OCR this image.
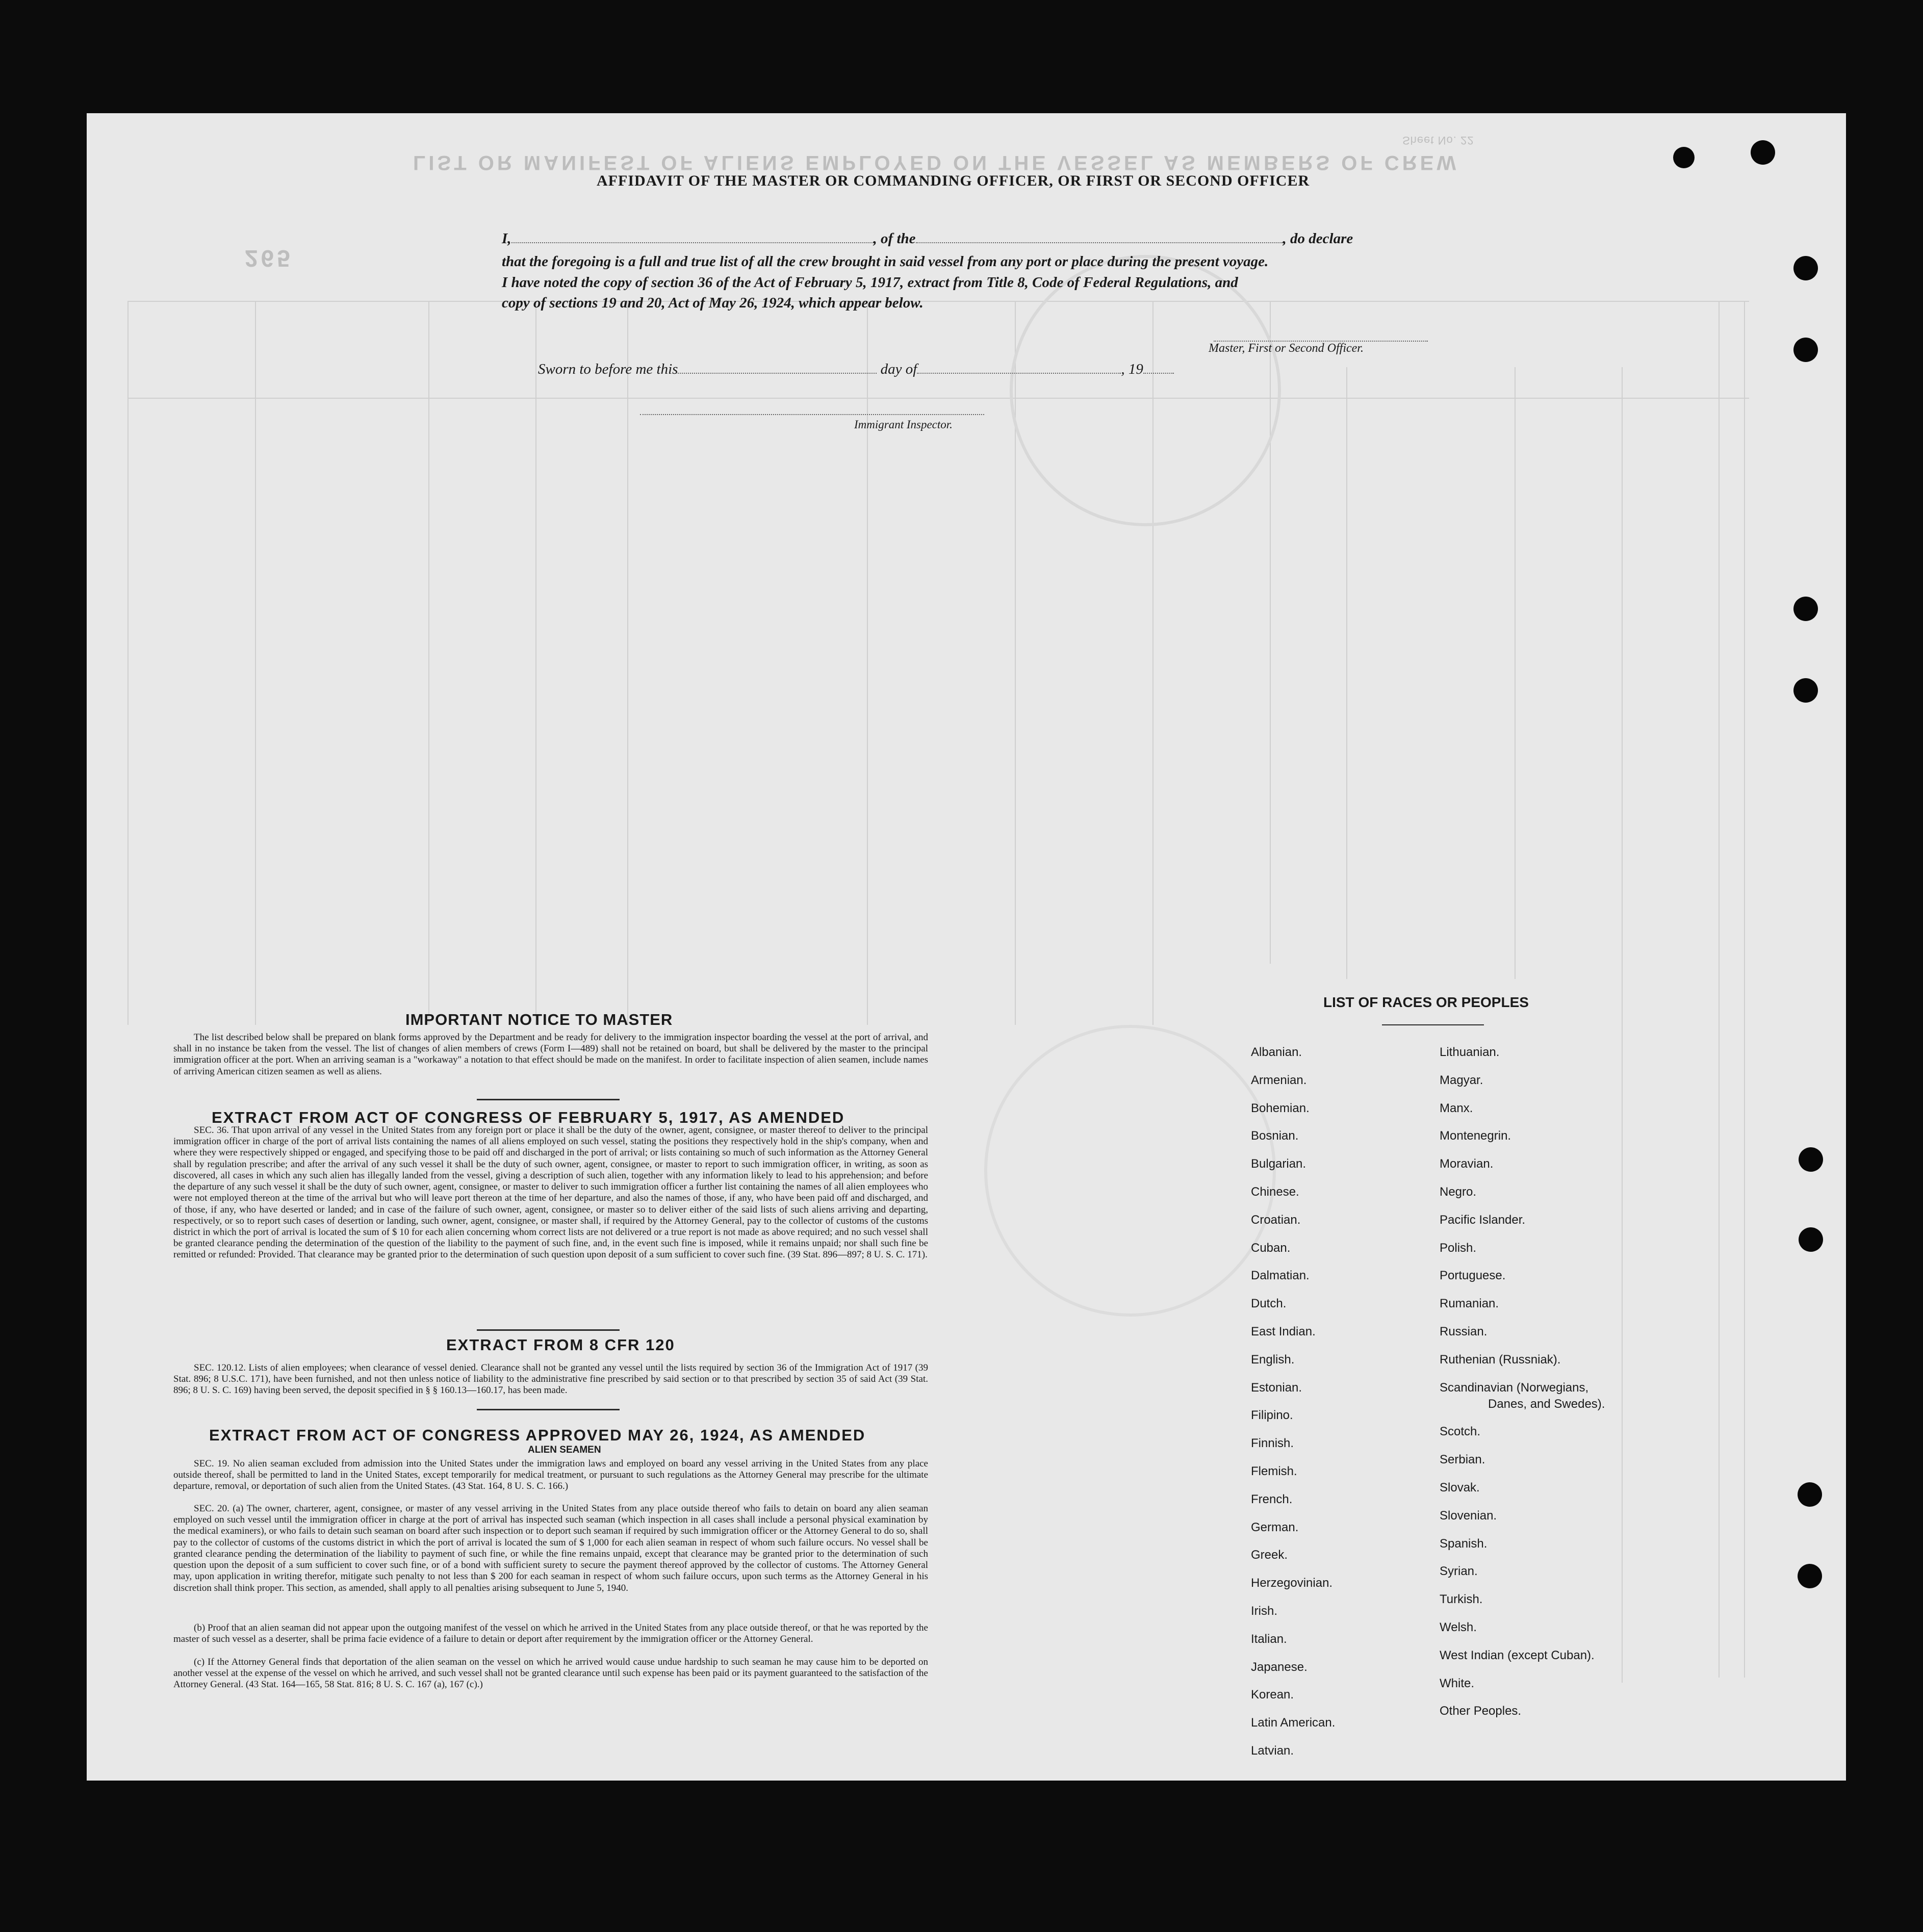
LIST OR MANIFEST OF ALIENS EMPLOYED ON THE VESSEL AS MEMBERS OF CREW
Sheet No. 22
265
AFFIDAVIT OF THE MASTER OR COMMANDING OFFICER, OR FIRST OR SECOND OFFICER
I,	, of the	, do declare
that the foregoing is a full and true list of all the crew brought in said vessel from any port or place during the present voyage.
I have noted the copy of section 36 of the Act of February 5, 1917, extract from Title 8, Code of Federal Regulations, and
copy of sections 19 and 20, Act of May 26, 1924, which appear below.
Master, First or Second Officer.
Sworn to before me this	day of	, 19
Immigrant Inspector.
IMPORTANT NOTICE TO MASTER
The list described below shall be prepared on blank forms approved by the Department and be ready for delivery to the immigration inspector boarding the vessel at the port of arrival, and shall in no instance be taken from the vessel. The list of changes of alien members of crews (Form I—489) shall not be retained on board, but shall be delivered by the master to the principal immigration officer at the port. When an arriving seaman is a "workaway" a notation to that effect should be made on the manifest. In order to facilitate inspection of alien seamen, include names of arriving American citizen seamen as well as aliens.
EXTRACT FROM ACT OF CONGRESS OF FEBRUARY 5, 1917, AS AMENDED
SEC. 36. That upon arrival of any vessel in the United States from any foreign port or place it shall be the duty of the owner, agent, consignee, or master thereof to deliver to the principal immigration officer in charge of the port of arrival lists containing the names of all aliens employed on such vessel, stating the positions they respectively hold in the ship's company, when and where they were respectively shipped or engaged, and specifying those to be paid off and discharged in the port of arrival; or lists containing so much of such information as the Attorney General shall by regulation prescribe; and after the arrival of any such vessel it shall be the duty of such owner, agent, consignee, or master to report to such immigration officer, in writing, as soon as discovered, all cases in which any such alien has illegally landed from the vessel, giving a description of such alien, together with any information likely to lead to his apprehension; and before the departure of any such vessel it shall be the duty of such owner, agent, consignee, or master to deliver to such immigration officer a further list containing the names of all alien employees who were not employed thereon at the time of the arrival but who will leave port thereon at the time of her departure, and also the names of those, if any, who have been paid off and discharged, and of those, if any, who have deserted or landed; and in case of the failure of such owner, agent, consignee, or master so to deliver either of the said lists of such aliens arriving and departing, respectively, or so to report such cases of desertion or landing, such owner, agent, consignee, or master shall, if required by the Attorney General, pay to the collector of customs of the customs district in which the port of arrival is located the sum of $ 10 for each alien concerning whom correct lists are not delivered or a true report is not made as above required; and no such vessel shall be granted clearance pending the determination of the question of the liability to the payment of such fine, and, in the event such fine is imposed, while it remains unpaid; nor shall such fine be remitted or refunded: Provided. That clearance may be granted prior to the determination of such question upon deposit of a sum sufficient to cover such fine. (39 Stat. 896—897; 8 U. S. C. 171).
EXTRACT FROM 8 CFR 120
SEC. 120.12. Lists of alien employees; when clearance of vessel denied. Clearance shall not be granted any vessel until the lists required by section 36 of the Immigration Act of 1917 (39 Stat. 896; 8 U.S.C. 171), have been furnished, and not then unless notice of liability to the administrative fine prescribed by said section or to that prescribed by section 35 of said Act (39 Stat. 896; 8 U. S. C. 169) having been served, the deposit specified in § § 160.13—160.17, has been made.
EXTRACT FROM ACT OF CONGRESS APPROVED MAY 26, 1924, AS AMENDED
ALIEN SEAMEN
SEC. 19. No alien seaman excluded from admission into the United States under the immigration laws and employed on board any vessel arriving in the United States from any place outside thereof, shall be permitted to land in the United States, except temporarily for medical treatment, or pursuant to such regulations as the Attorney General may prescribe for the ultimate departure, removal, or deportation of such alien from the United States. (43 Stat. 164, 8 U. S. C. 166.)
SEC. 20. (a) The owner, charterer, agent, consignee, or master of any vessel arriving in the United States from any place outside thereof who fails to detain on board any alien seaman employed on such vessel until the immigration officer in charge at the port of arrival has inspected such seaman (which inspection in all cases shall include a personal physical examination by the medical examiners), or who fails to detain such seaman on board after such inspection or to deport such seaman if required by such immigration officer or the Attorney General to do so, shall pay to the collector of customs of the customs district in which the port of arrival is located the sum of $ 1,000 for each alien seaman in respect of whom such failure occurs. No vessel shall be granted clearance pending the determination of the liability to payment of such fine, or while the fine remains unpaid, except that clearance may be granted prior to the determination of such question upon the deposit of a sum sufficient to cover such fine, or of a bond with sufficient surety to secure the payment thereof approved by the collector of customs. The Attorney General may, upon application in writing therefor, mitigate such penalty to not less than $ 200 for each seaman in respect of whom such failure occurs, upon such terms as the Attorney General in his discretion shall think proper. This section, as amended, shall apply to all penalties arising subsequent to June 5, 1940.
(b) Proof that an alien seaman did not appear upon the outgoing manifest of the vessel on which he arrived in the United States from any place outside thereof, or that he was reported by the master of such vessel as a deserter, shall be prima facie evidence of a failure to detain or deport after requirement by the immigration officer or the Attorney General.
(c) If the Attorney General finds that deportation of the alien seaman on the vessel on which he arrived would cause undue hardship to such seaman he may cause him to be deported on another vessel at the expense of the vessel on which he arrived, and such vessel shall not be granted clearance until such expense has been paid or its payment guaranteed to the satisfaction of the Attorney General. (43 Stat. 164—165, 58 Stat. 816; 8 U. S. C. 167 (a), 167 (c).)
LIST OF RACES OR PEOPLES
Albanian.
Armenian.
Bohemian.
Bosnian.
Bulgarian.
Chinese.
Croatian.
Cuban.
Dalmatian.
Dutch.
East Indian.
English.
Estonian.
Filipino.
Finnish.
Flemish.
French.
German.
Greek.
Herzegovinian.
Irish.
Italian.
Japanese.
Korean.
Latin American.
Latvian.
Lithuanian.
Magyar.
Manx.
Montenegrin.
Moravian.
Negro.
Pacific Islander.
Polish.
Portuguese.
Rumanian.
Russian.
Ruthenian (Russniak).
Scandinavian (Norwegians,
Danes, and Swedes).
Scotch.
Serbian.
Slovak.
Slovenian.
Spanish.
Syrian.
Turkish.
Welsh.
West Indian (except Cuban).
White.
Other Peoples.
